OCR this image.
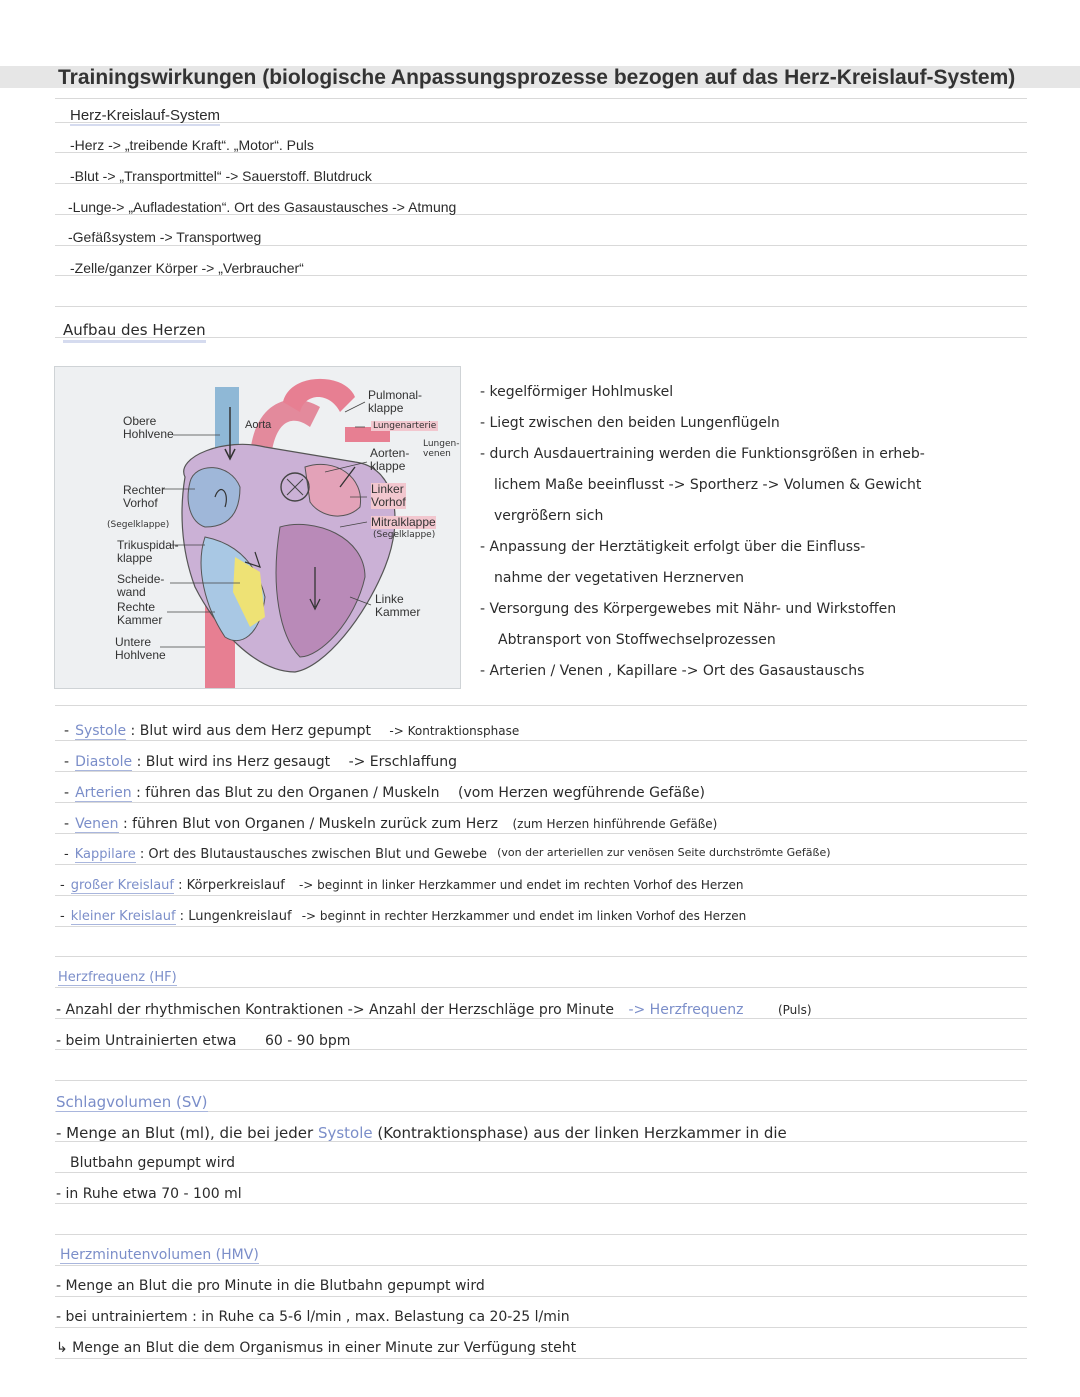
Trainingswirkungen (biologische Anpassungsprozesse bezogen auf das Herz-Kreislauf-System)
Herz-Kreislauf-System
-Herz -> „treibende Kraft“. „Motor“. Puls
-Blut -> „Transportmittel“ -> Sauerstoff. Blutdruck
-Lunge-> „Aufladestation“. Ort des Gasaustausches -> Atmung
-Gefäßsystem -> Transportweg
-Zelle/ganzer Körper -> „Verbraucher“
Aufbau des Herzen
Obere
Hohlvene
Aorta
Pulmonal-
klappe
Lungenarterie
Lungen-
venen
Aorten-
klappe
Rechter
Vorhof
Linker
Vorhof
(Segelklappe)
Trikuspidal-
klappe
Mitralklappe
(Segelklappe)
Scheide-
wand
Rechte
Kammer
Linke
Kammer
Untere
Hohlvene
- kegelförmiger Hohlmuskel
- Liegt zwischen den beiden Lungenflügeln
- durch Ausdauertraining werden die Funktionsgrößen in erheb-
lichem Maße beeinflusst -> Sportherz -> Volumen & Gewicht
vergrößern sich
- Anpassung der Herztätigkeit erfolgt über die Einfluss-
nahme der vegetativen Herznerven
- Versorgung des Körpergewebes mit Nähr- und Wirkstoffen
Abtransport von Stoffwechselprozessen
- Arterien / Venen , Kapillare -> Ort des Gasaustauschs
- Systole : Blut wird aus dem Herz gepumpt -> Kontraktionsphase
- Diastole : Blut wird ins Herz gesaugt -> Erschlaffung
- Arterien : führen das Blut zu den Organen / Muskeln (vom Herzen wegführende Gefäße)
- Venen : führen Blut von Organen / Muskeln zurück zum Herz (zum Herzen hinführende Gefäße)
- Kappilare : Ort des Blutaustausches zwischen Blut und Gewebe (von der arteriellen zur venösen Seite durchströmte Gefäße)
- großer Kreislauf : Körperkreislauf -> beginnt in linker Herzkammer und endet im rechten Vorhof des Herzen
- kleiner Kreislauf : Lungenkreislauf -> beginnt in rechter Herzkammer und endet im linken Vorhof des Herzen
Herzfrequenz (HF)
- Anzahl der rhythmischen Kontraktionen -> Anzahl der Herzschläge pro Minute -> Herzfrequenz	(Puls)
- beim Untrainierten etwa 60 - 90 bpm
Schlagvolumen (SV)
- Menge an Blut (ml), die bei jeder Systole (Kontraktionsphase) aus der linken Herzkammer in die
Blutbahn gepumpt wird
- in Ruhe etwa 70 - 100 ml
Herzminutenvolumen (HMV)
- Menge an Blut die pro Minute in die Blutbahn gepumpt wird
- bei untrainiertem : in Ruhe ca 5-6 l/min , max. Belastung ca 20-25 l/min
↳ Menge an Blut die dem Organismus in einer Minute zur Verfügung steht
